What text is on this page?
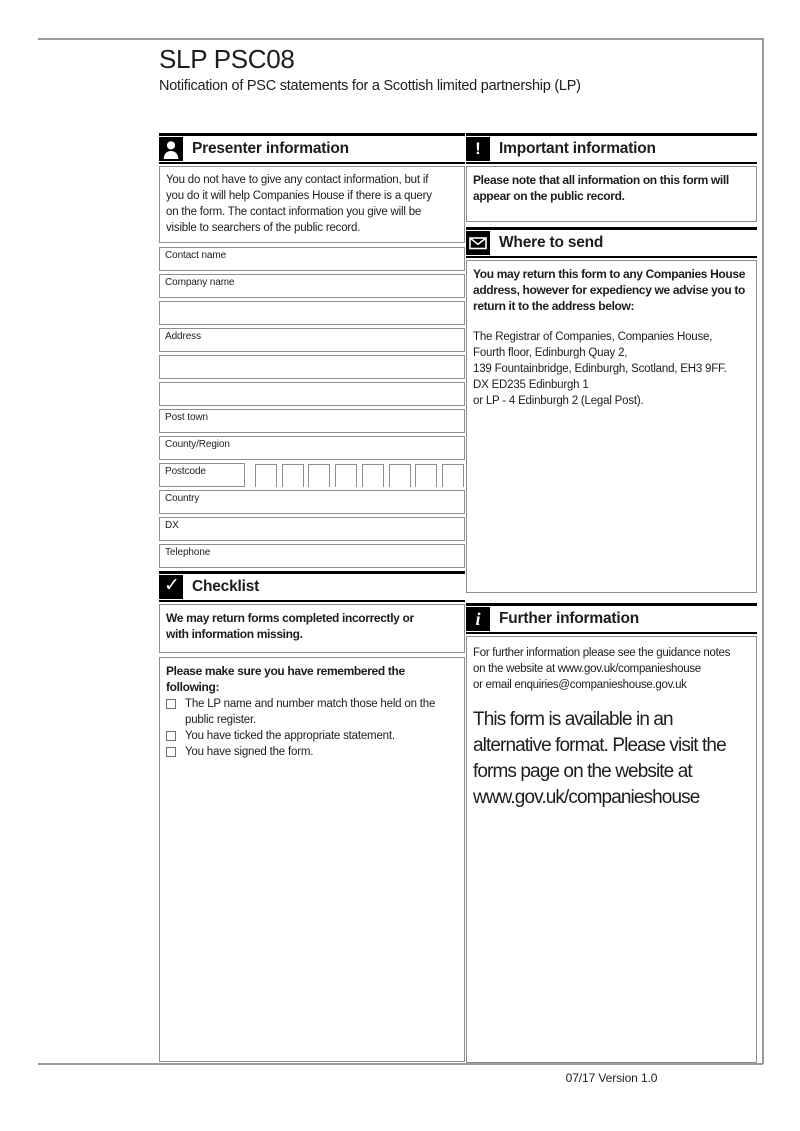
SLP PSC08
Notification of PSC statements for a Scottish limited partnership (LP)
Presenter information
You do not have to give any contact information, but if
you do it will help Companies House if there is a query
on the form. The contact information you give will be
visible to searchers of the public record.
Contact name
Company name
Address
Post town
County/Region
Postcode
Country
DX
Telephone
✓ Checklist
We may return forms completed incorrectly or
with information missing.
Please make sure you have remembered the
following:
The LP name and number match those held on the
public register.
You have ticked the appropriate statement.
You have signed the form.
! Important information
Please note that all information on this form will
appear on the public record.
Where to send
You may return this form to any Companies House
address, however for expediency we advise you to
return it to the address below:
The Registrar of Companies, Companies House,
Fourth floor, Edinburgh Quay 2,
139 Fountainbridge, Edinburgh, Scotland, EH3 9FF.
DX ED235 Edinburgh 1
or LP - 4 Edinburgh 2 (Legal Post).
i Further information
For further information please see the guidance notes
on the website at www.gov.uk/companieshouse
or email enquiries@companieshouse.gov.uk
This form is available in an
alternative format. Please visit the
forms page on the website at
www.gov.uk/companieshouse
07/17 Version 1.0
